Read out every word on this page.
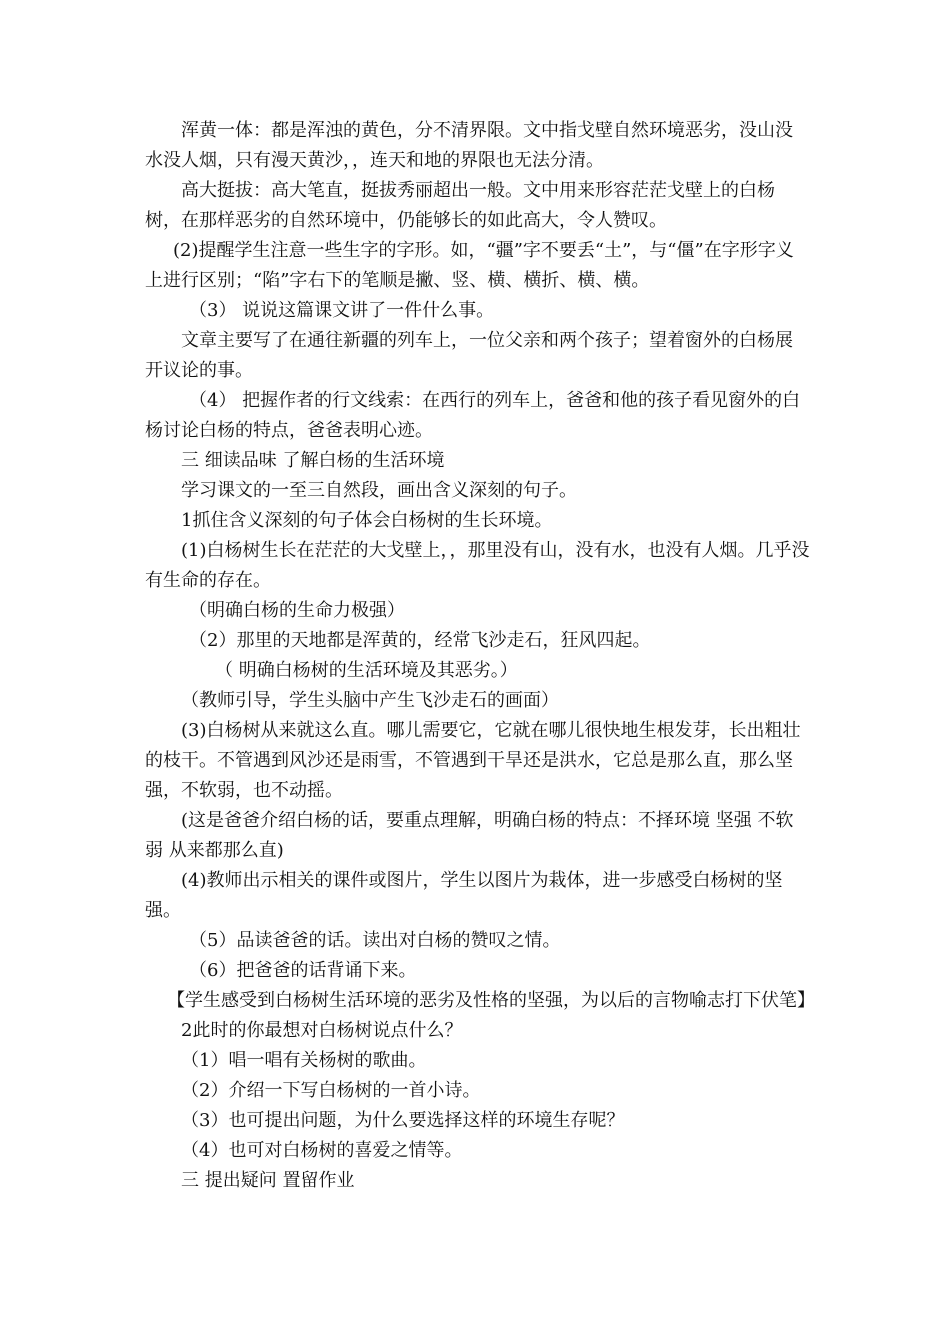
浑黄一体：都是浑浊的黄色，分不清界限。文中指戈壁自然环境恶劣，没山没水没人烟，只有漫天黄沙，，连天和地的界限也无法分清。

高大挺拔：高大笔直，挺拔秀丽超出一般。文中用来形容茫茫戈壁上的白杨树，在那样恶劣的自然环境中，仍能够长的如此高大，令人赞叹。

(2)提醒学生注意一些生字的字形。如，“疆”字不要丢“土”，与“僵”在字形字义上进行区别；“陷”字右下的笔顺是撇、竖、横、横折、横、横。

（3） 说说这篇课文讲了一件什么事。

文章主要写了在通往新疆的列车上，一位父亲和两个孩子；望着窗外的白杨展开议论的事。

（4） 把握作者的行文线索：在西行的列车上，爸爸和他的孩子看见窗外的白杨讨论白杨的特点，爸爸表明心迹。

三 细读品味 了解白杨的生活环境

学习课文的一至三自然段，画出含义深刻的句子。

1抓住含义深刻的句子体会白杨树的生长环境。

(1)白杨树生长在茫茫的大戈壁上，，那里没有山，没有水，也没有人烟。几乎没有生命的存在。

（明确白杨的生命力极强）

（2）那里的天地都是浑黄的，经常飞沙走石，狂风四起。

（ 明确白杨树的生活环境及其恶劣。）

（教师引导，学生头脑中产生飞沙走石的画面）

(3)白杨树从来就这么直。哪儿需要它，它就在哪儿很快地生根发芽，长出粗壮的枝干。不管遇到风沙还是雨雪，不管遇到干旱还是洪水，它总是那么直，那么坚强，不软弱，也不动摇。

(这是爸爸介绍白杨的话，要重点理解，明确白杨的特点：不择环境 坚强 不软弱 从来都那么直)

(4)教师出示相关的课件或图片，学生以图片为栽体，进一步感受白杨树的坚强。

（5）品读爸爸的话。读出对白杨的赞叹之情。

（6）把爸爸的话背诵下来。

【学生感受到白杨树生活环境的恶劣及性格的坚强，为以后的言物喻志打下伏笔】

2此时的你最想对白杨树说点什么？

（1）唱一唱有关杨树的歌曲。

（2）介绍一下写白杨树的一首小诗。

（3）也可提出问题，为什么要选择这样的环境生存呢？

（4）也可对白杨树的喜爱之情等。

三 提出疑问 置留作业
